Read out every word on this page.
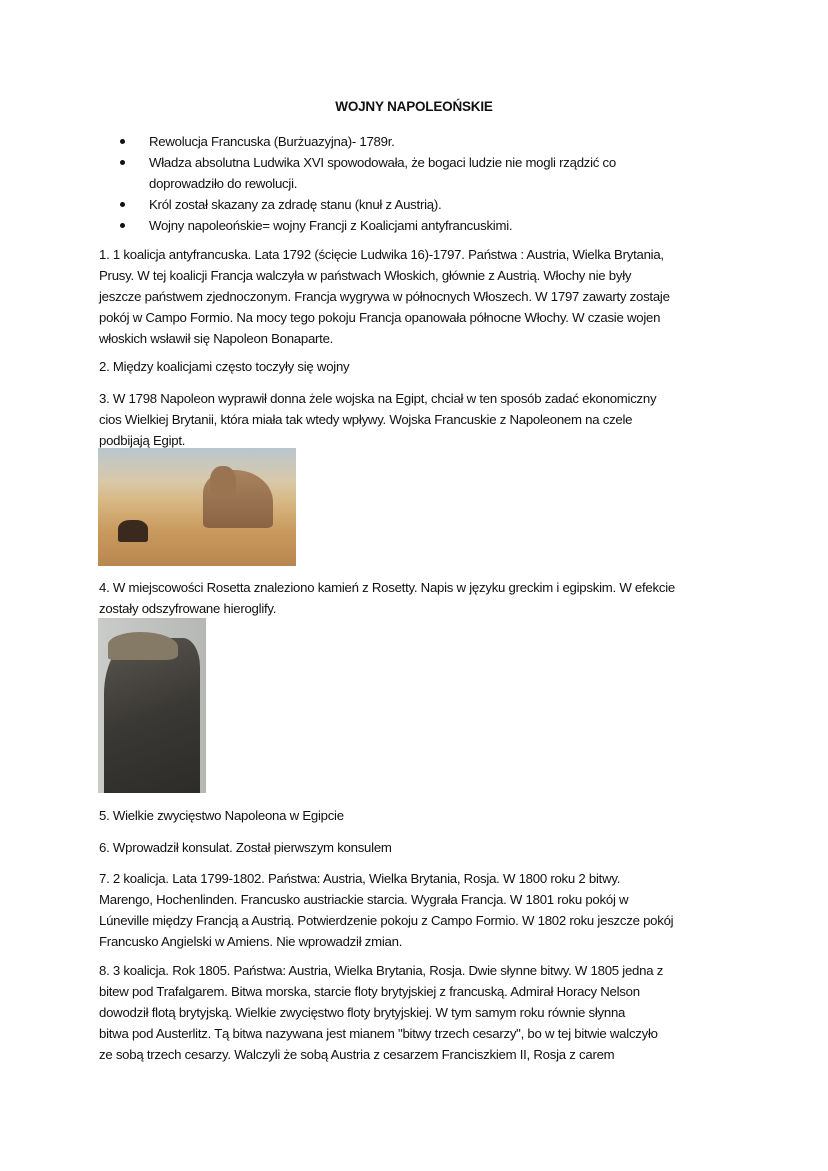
WOJNY NAPOLEOŃSKIE
Rewolucja Francuska (Burżuazyjna)- 1789r.
Władza absolutna Ludwika XVI spowodowała, że bogaci ludzie nie mogli rządzić co
doprowadziło do rewolucji.
Król został skazany za zdradę stanu (knuł z Austrią).
Wojny napoleońskie= wojny Francji z Koalicjami antyfrancuskimi.
1. 1 koalicja antyfrancuska. Lata 1792 (ścięcie Ludwika 16)-1797. Państwa : Austria, Wielka Brytania,
Prusy. W tej koalicji Francja walczyła w państwach Włoskich, głównie z Austrią. Włochy nie były
jeszcze państwem zjednoczonym. Francja wygrywa w północnych Włoszech. W 1797 zawarty zostaje
pokój w Campo Formio. Na mocy tego pokoju Francja opanowała północne Włochy. W czasie wojen
włoskich wsławił się Napoleon Bonaparte.
2. Między koalicjami często toczyły się wojny
3. W 1798 Napoleon wyprawił donna żele wojska na Egipt, chciał w ten sposób zadać ekonomiczny
cios Wielkiej Brytanii, która miała tak wtedy wpływy. Wojska Francuskie z Napoleonem na czele
podbijają Egipt.
4. W miejscowości Rosetta znaleziono kamień z Rosetty. Napis w języku greckim i egipskim. W efekcie
zostały odszyfrowane hieroglify.
5. Wielkie zwycięstwo Napoleona w Egipcie
6. Wprowadził konsulat. Został pierwszym konsulem
7. 2 koalicja. Lata 1799-1802. Państwa: Austria, Wielka Brytania, Rosja. W 1800 roku 2 bitwy.
Marengo, Hochenlinden. Francusko austriackie starcia. Wygrała Francja. W 1801 roku pokój w
Lúneville między Francją a Austrią. Potwierdzenie pokoju z Campo Formio. W 1802 roku jeszcze pokój
Francusko Angielski w Amiens. Nie wprowadził zmian.
8. 3 koalicja. Rok 1805. Państwa: Austria, Wielka Brytania, Rosja. Dwie słynne bitwy. W 1805 jedna z
bitew pod Trafalgarem. Bitwa morska, starcie floty brytyjskiej z francuską. Admirał Horacy Nelson
dowodził flotą brytyjską. Wielkie zwycięstwo floty brytyjskiej. W tym samym roku równie słynna
bitwa pod Austerlitz. Tą bitwa nazywana jest mianem "bitwy trzech cesarzy", bo w tej bitwie walczyło
ze sobą trzech cesarzy. Walczyli że sobą Austria z cesarzem Franciszkiem II, Rosja z carem
